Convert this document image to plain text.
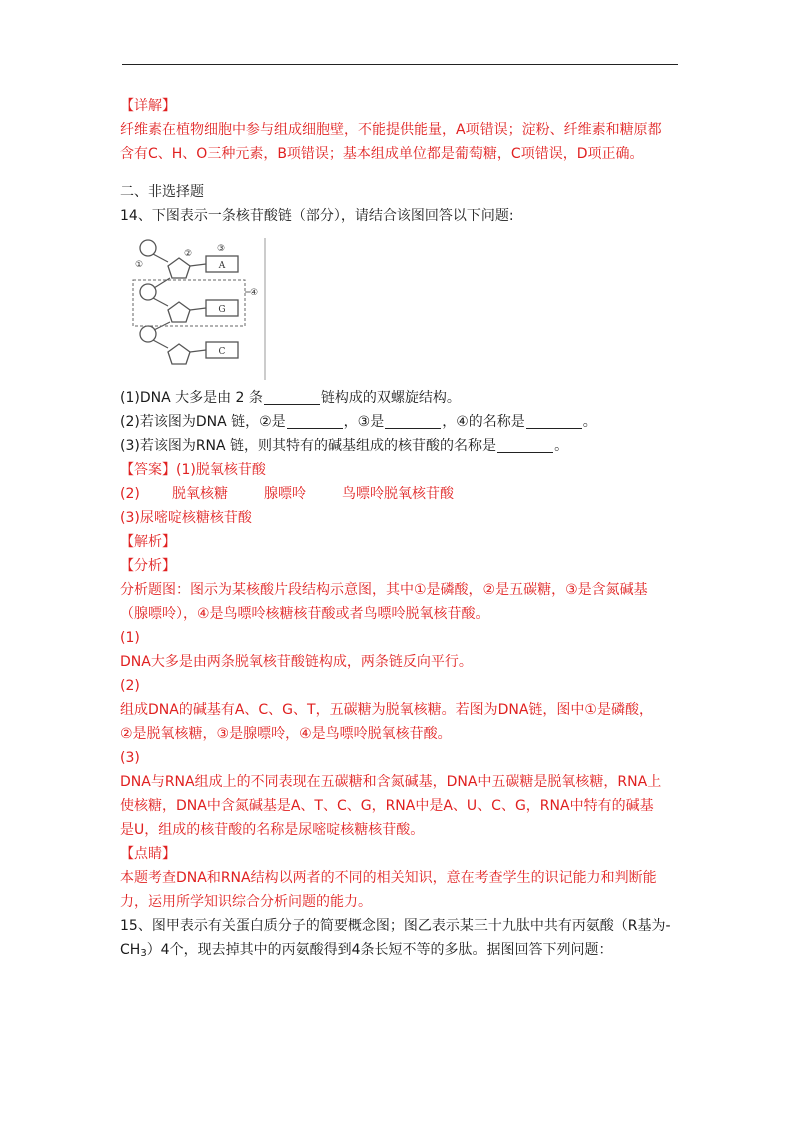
【详解】
纤维素在植物细胞中参与组成细胞壁，不能提供能量，A项错误；淀粉、纤维素和糖原都
含有C、H、O三种元素，B项错误；基本组成单位都是葡萄糖，C项错误，D项正确。
二、非选择题
14、下图表示一条核苷酸链（部分），请结合该图回答以下问题:
A
G
C
①
②	③
④
(1)DNA 大多是由 2 条	链构成的双螺旋结构。
(2)若该图为DNA 链，②是	，③是	，④的名称是	。
(3)若该图为RNA 链，则其特有的碱基组成的核苷酸的名称是	。
【答案】(1)脱氧核苷酸
(2) 脱氧核糖	腺嘌呤	鸟嘌呤脱氧核苷酸
(3)尿嘧啶核糖核苷酸
【解析】
【分析】
分析题图：图示为某核酸片段结构示意图，其中①是磷酸，②是五碳糖，③是含氮碱基
（腺嘌呤），④是鸟嘌呤核糖核苷酸或者鸟嘌呤脱氧核苷酸。
(1)
DNA大多是由两条脱氧核苷酸链构成，两条链反向平行。
(2)
组成DNA的碱基有A、C、G、T，五碳糖为脱氧核糖。若图为DNA链，图中①是磷酸，
②是脱氧核糖，③是腺嘌呤，④是鸟嘌呤脱氧核苷酸。
(3)
DNA与RNA组成上的不同表现在五碳糖和含氮碱基，DNA中五碳糖是脱氧核糖，RNA上
使核糖，DNA中含氮碱基是A、T、C、G，RNA中是A、U、C、G，RNA中特有的碱基
是U，组成的核苷酸的名称是尿嘧啶核糖核苷酸。
【点睛】
本题考查DNA和RNA结构以两者的不同的相关知识，意在考查学生的识记能力和判断能
力，运用所学知识综合分析问题的能力。
15、图甲表示有关蛋白质分子的简要概念图；图乙表示某三十九肽中共有丙氨酸（R基为-
$CH_3)4$个，现去掉其中的丙氨酸得到4条长短不等的多肽。据图回答下列问题：
